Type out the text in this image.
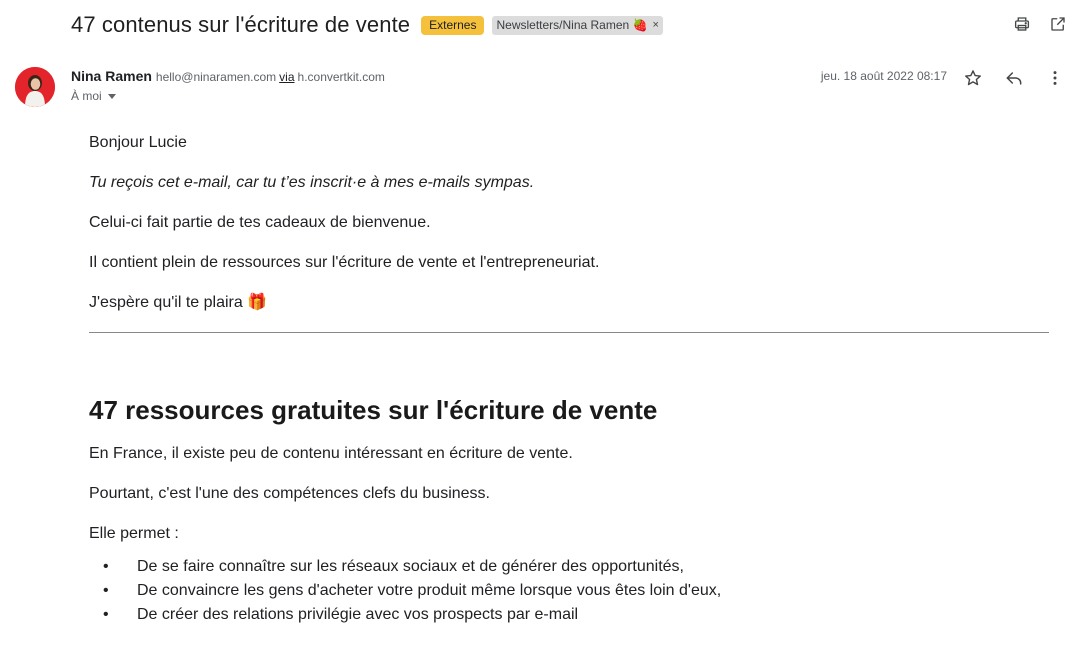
47 contenus sur l'écriture de vente	Externes	Newsletters/Nina Ramen 🍓 ×
Nina Ramen hello@ninaramen.com via h.convertkit.com
À moi
jeu. 18 août 2022 08:17

Bonjour Lucie

Tu reçois cet e-mail, car tu t’es inscrit·e à mes e-mails sympas.

Celui-ci fait partie de tes cadeaux de bienvenue.

Il contient plein de ressources sur l'écriture de vente et l'entrepreneuriat.

J'espère qu'il te plaira 🎁

47 ressources gratuites sur l'écriture de vente

En France, il existe peu de contenu intéressant en écriture de vente.

Pourtant, c'est l'une des compétences clefs du business.

Elle permet :

• De se faire connaître sur les réseaux sociaux et de générer des opportunités,
• De convaincre les gens d'acheter votre produit même lorsque vous êtes loin d'eux,
• De créer des relations privilégie avec vos prospects par e-mail
